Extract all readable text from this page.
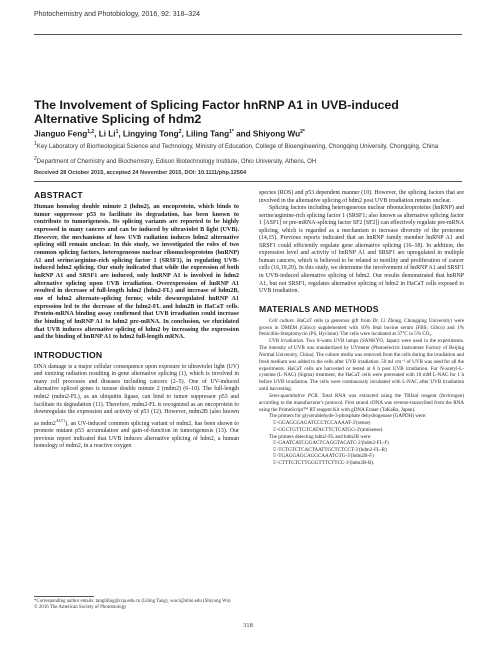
Photochemistry and Photobiology, 2016, 92: 318–324
The Involvement of Splicing Factor hnRNP A1 in UVB-induced Alternative Splicing of hdm2
Jianguo Feng$^{1,2}$, Li Li$^1$, Lingying Tong$^2$, Liling Tang$^{1*}$ and Shiyong $Wu^{2*}$
$^1$Key Laboratory of Biorheological Science and Technology, Ministry of Education, College of Bioengineering, Chongqing University, Chongqing, China
$^2$Department of Chemistry and Biochemistry, Edison Biotechnology Institute, Ohio University, Athens, OH
Received 28 October 2015, accepted 24 November 2015, DOI: 10.1111/php.12564
ABSTRACT

Human homolog double minute 2 (hdm2), an oncoprotein, which binds to tumor suppressor p53 to facilitate its degradation, has been known to contribute to tumorigenesis. Its splicing variants are reported to be highly expressed in many cancers and can be induced by ultraviolet B light (UVB). However, the mechanisms of how UVB radiation induces hdm2 alternative splicing still remain unclear. In this study, we investigated the roles of two common splicing factors, heterogeneous nuclear ribonucleoproteins (hnRNP) A1 and serine/arginine-rich splicing factor 1 (SRSF1), in regulating UVB-induced hdm2 splicing. Our study indicated that while the expression of both hnRNP A1 and SRSF1 are induced, only hnRNP A1 is involved in hdm2 alternative splicing upon UVB irradiation. Overexpression of hnRNP A1 resulted in decrease of full-length hdm2 (hdm2-FL) and increase of hdm2B, one of hdm2 alternate-splicing forms; while downregulated hnRNP A1 expression led to the decrease of the hdm2-FL and hdm2B in HaCaT cells. Protein-mRNA binding assay confirmed that UVB irradiation could increase the binding of hnRNP A1 to hdm2 pre-mRNA. In conclusion, we elucidated that UVB induces alternative splicing of hdm2 by increasing the expression and the binding of hnRNP A1 to hdm2 full-length mRNA.

INTRODUCTION

DNA damage is a major cellular consequence upon exposure to ultraviolet light (UV) and ionizing radiation resulting in gene alternative splicing (1), which is involved in many cell processes and diseases including cancers (2–5). One of UV-induced alternative spliced genes is mouse double minute 2 (mdm2) (6–10). The full-length mdm2 (mdm2-FL), as an ubiquitin ligase, can bind to tumor suppressor p53 and facilitate its degradation (11). Therefore, mdm2-FL is recognized as an oncoprotein to downregulate the expression and activity of p53 (12). However, mdm2B (also known as $mdm2^{ALT1}$), an UV-induced common splicing variant of mdm2, has been shown to promote mutant p53 accumulation and gain-of-function in tumorigenesis (13). Our previous report indicated that UVB induces alternative splicing of hdm2, a human homology of mdm2, in a reactive oxygen

species (ROS) and p53 dependent manner (10). However, the splicing factors that are involved in the alternative splicing of hdm2 post UVB irradiation remain unclear.

Splicing factors including heterogeneous nuclear ribonucleoproteins (hnRNP) and serine/arginine-rich splicing factor 1 (SRSF1; also known as alternative splicing factor 1 [ASF1] or pre-mRNA-splicing factor SF2 [SF2]) can effectively regulate pre-mRNA splicing, which is regarded as a mechanism to increase diversity of the proteome (14,15). Previous reports indicated that an hnRNP family member hnRNP A1 and SRSF1 could efficiently regulate gene alternative splicing (16–18). In addition, the expression level and activity of hnRNP A1 and SRSF1 are upregulated in multiple human cancers, which is believed to be related to motility and proliferation of cancer cells (16,19,20). In this study, we determine the involvement of hnRNP A1 and SRSF1 in UVB-induced alternative splicing of hdm2. Our results demonstrated that hnRNP A1, but not SRSF1, regulates alternative splicing of hdm2 in HaCaT cells exposed to UVB irradiation.

MATERIALS AND METHODS

Cell culture. HaCaT cells (a generous gift from Dr. Li Zhong, Chongqing University) were grown in DMEM (Gibco) supplemented with 10% fetal bovine serum (FBS; Gibco) and 1% Penicillin-Streptomycin (PS, Hyclone). The cells were incubated at 37°C in 5% CO₂.

UVB irradiation. Two 8-watts UVB lamps (SANKYO, Japan) were used in the experiments. The intensity of UVB was standardized by UVmeter (Photoelectric Instrument Factory of Beijing Normal University, China). The culture media was removed from the cells during the irradiation and fresh medium was added to the cells after UVB irradiation. 50 mJ cm⁻² of UVB was used for all the experiments. HaCaT cells are harvested or tested at 6 h post UVB irradiation. For N-acetyl-L-cysteine (L-NAC) (Sigma) treatment, the HaCaT cells were pretreated with 10 mM L-NAC for 1 h before UVB irradiation. The cells were continuously incubated with L-NAC after UVB irradiation until harvesting.

Semi-quantitative PCR. Total RNA was extracted using the TRIzol reagent (Invitrogen) according to the manufacturer's protocol. First strand cDNA was reverse-transcribed from the RNA using the PrimeScript™ RT reagent Kit with gDNA Eraser (TaKaRa, Japan).

The primers for glyceraldehyde-3-phosphate dehydrogenase (GAPDH) were:

5′-GGAGCGAGATCCCTCCAAAAT-3′(sense)

5′-GGCTGTTGTCATACTTCTCATGG-3′(antisense).

The primers detecting hdm2-FL and hdm2B were:

5′-GAATCATCGGACTCAGGTACATC-3′(hdm2-FL-F)

5′-TCTGTCTCACTAATTGCTCTCCT-3′(hdm2-FL-R)

5′-TGAGGAGCAGGCAAATGTG-3′(hdm2B-F)

5′-CTTTGTCTTGGGTTTCTTCC-3′(hdm2B-R).

*Corresponding author emails: tangliling@cqu.edu.cn (Liling Tang), wus1@ohio.edu (Shiyong Wu)
© 2016 The American Society of Photobiology
318
